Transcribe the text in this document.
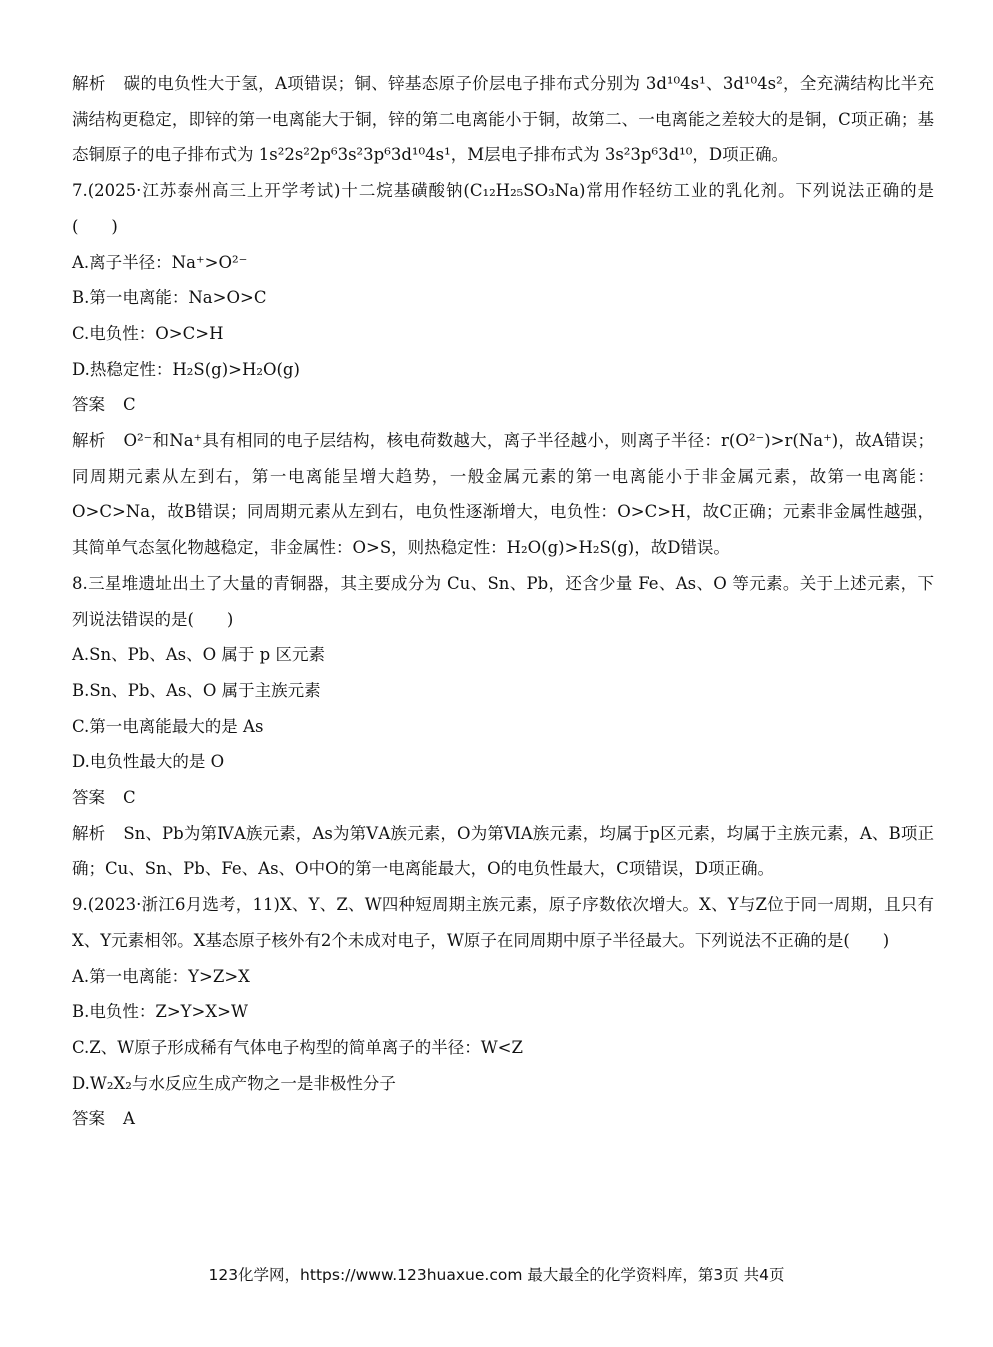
解析 碳的电负性大于氢，A项错误；铜、锌基态原子价层电子排布式分别为 3d¹⁰4s¹、3d¹⁰4s²，全充满结构比半充满结构更稳定，即锌的第一电离能大于铜，锌的第二电离能小于铜，故第二、一电离能之差较大的是铜，C项正确；基态铜原子的电子排布式为 1s²2s²2p⁶3s²3p⁶3d¹⁰4s¹，M层电子排布式为 3s²3p⁶3d¹⁰，D项正确。

7.(2025·江苏泰州高三上开学考试)十二烷基磺酸钠(C₁₂H₂₅SO₃Na)常用作轻纺工业的乳化剂。下列说法正确的是(　　)

A.离子半径：Na⁺>O²⁻

B.第一电离能：Na>O>C

C.电负性：O>C>H

D.热稳定性：H₂S(g)>H₂O(g)

答案 C

解析 O²⁻和Na⁺具有相同的电子层结构，核电荷数越大，离子半径越小，则离子半径：r(O²⁻)>r(Na⁺)，故A错误；同周期元素从左到右，第一电离能呈增大趋势，一般金属元素的第一电离能小于非金属元素，故第一电离能：O>C>Na，故B错误；同周期元素从左到右，电负性逐渐增大，电负性：O>C>H，故C正确；元素非金属性越强，其简单气态氢化物越稳定，非金属性：O>S，则热稳定性：H₂O(g)>H₂S(g)，故D错误。

8.三星堆遗址出土了大量的青铜器，其主要成分为 Cu、Sn、Pb，还含少量 Fe、As、O 等元素。关于上述元素，下列说法错误的是(　　)

A.Sn、Pb、As、O 属于 p 区元素

B.Sn、Pb、As、O 属于主族元素

C.第一电离能最大的是 As

D.电负性最大的是 O

答案 C

解析 Sn、Pb为第ⅣA族元素，As为第ⅤA族元素，O为第ⅥA族元素，均属于p区元素，均属于主族元素，A、B项正确；Cu、Sn、Pb、Fe、As、O中O的第一电离能最大，O的电负性最大，C项错误，D项正确。

9.(2023·浙江6月选考，11)X、Y、Z、W四种短周期主族元素，原子序数依次增大。X、Y与Z位于同一周期，且只有X、Y元素相邻。X基态原子核外有2个未成对电子，W原子在同周期中原子半径最大。下列说法不正确的是(　　)

A.第一电离能：Y>Z>X

B.电负性：Z>Y>X>W

C.Z、W原子形成稀有气体电子构型的简单离子的半径：W<Z

D.W₂X₂与水反应生成产物之一是非极性分子

答案 A

123化学网，https://www.123huaxue.com 最大最全的化学资料库，第3页 共4页
